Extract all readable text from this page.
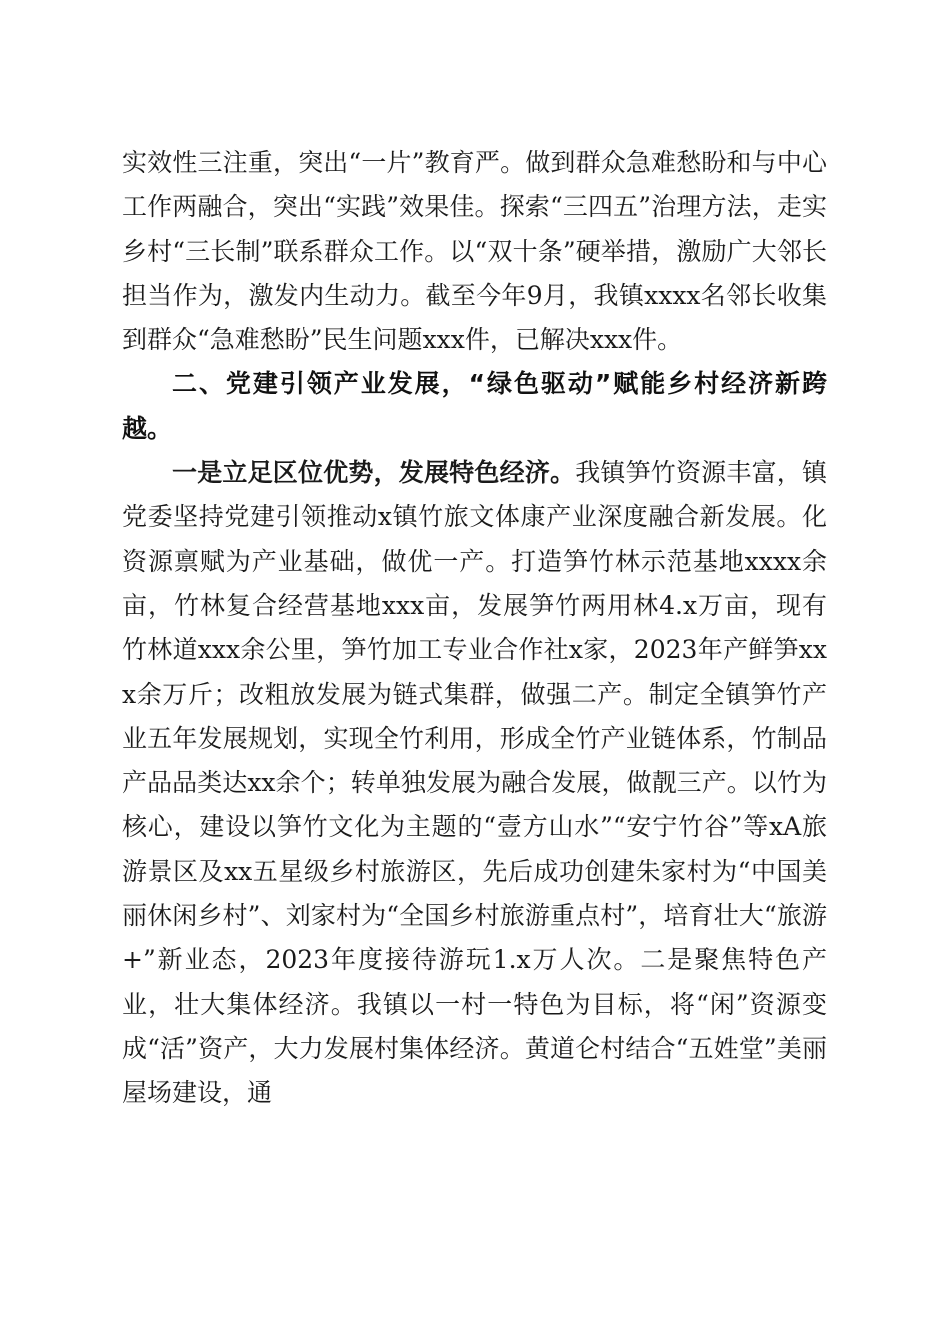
实效性三注重，突出“一片”教育严。做到群众急难愁盼和与中心工作两融合，突出“实践”效果佳。探索“三四五”治理方法，走实乡村“三长制”联系群众工作。以“双十条”硬举措，激励广大邻长担当作为，激发内生动力。截至今年9月，我镇xxxx名邻长收集到群众“急难愁盼”民生问题xxx件，已解决xxx件。

二、党建引领产业发展，“绿色驱动”赋能乡村经济新跨越。

一是立足区位优势，发展特色经济。我镇笋竹资源丰富，镇党委坚持党建引领推动x镇竹旅文体康产业深度融合新发展。化资源禀赋为产业基础，做优一产。打造笋竹林示范基地xxxx余亩，竹林复合经营基地xxx亩，发展笋竹两用林4.x万亩，现有竹林道xxx余公里，笋竹加工专业合作社x家，2023年产鲜笋xxx余万斤；改粗放发展为链式集群，做强二产。制定全镇笋竹产业五年发展规划，实现全竹利用，形成全竹产业链体系，竹制品产品品类达xx余个；转单独发展为融合发展，做靓三产。以竹为核心，建设以笋竹文化为主题的“壹方山水”“安宁竹谷”等xA旅游景区及xx五星级乡村旅游区，先后成功创建朱家村为“中国美丽休闲乡村”、刘家村为“全国乡村旅游重点村”，培育壮大“旅游+”新业态，2023年度接待游玩1.x万人次。二是聚焦特色产业，壮大集体经济。我镇以一村一特色为目标，将“闲”资源变成“活”资产，大力发展村集体经济。黄道仑村结合“五姓堂”美丽屋场建设，通
